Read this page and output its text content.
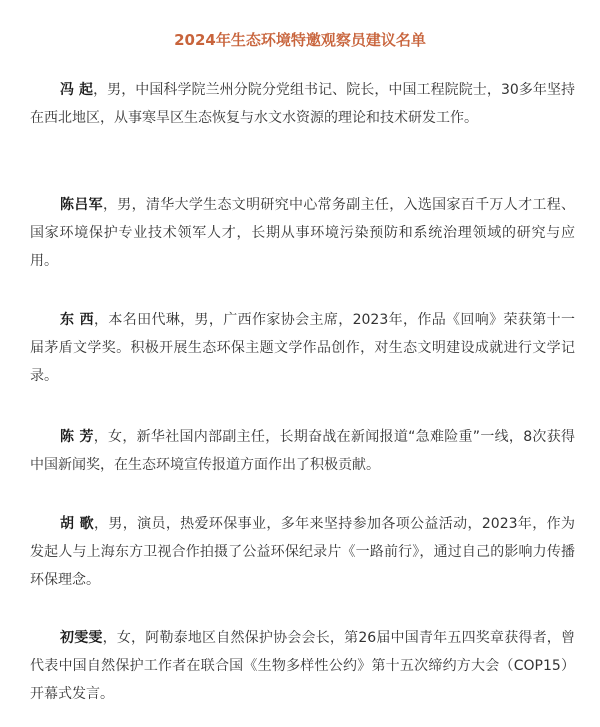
2024年生态环境特邀观察员建议名单

冯 起，男，中国科学院兰州分院分党组书记、院长，中国工程院院士，30多年坚持在西北地区，从事寒旱区生态恢复与水文水资源的理论和技术研发工作。

陈吕军，男，清华大学生态文明研究中心常务副主任，入选国家百千万人才工程、国家环境保护专业技术领军人才，长期从事环境污染预防和系统治理领域的研究与应用。

东 西，本名田代琳，男，广西作家协会主席，2023年，作品《回响》荣获第十一届茅盾文学奖。积极开展生态环保主题文学作品创作，对生态文明建设成就进行文学记录。

陈 芳，女，新华社国内部副主任，长期奋战在新闻报道“急难险重”一线，8次获得中国新闻奖，在生态环境宣传报道方面作出了积极贡献。

胡 歌，男，演员，热爱环保事业，多年来坚持参加各项公益活动，2023年，作为发起人与上海东方卫视合作拍摄了公益环保纪录片《一路前行》，通过自己的影响力传播环保理念。

初雯雯，女，阿勒泰地区自然保护协会会长，第26届中国青年五四奖章获得者，曾代表中国自然保护工作者在联合国《生物多样性公约》第十五次缔约方大会（COP15）开幕式发言。
